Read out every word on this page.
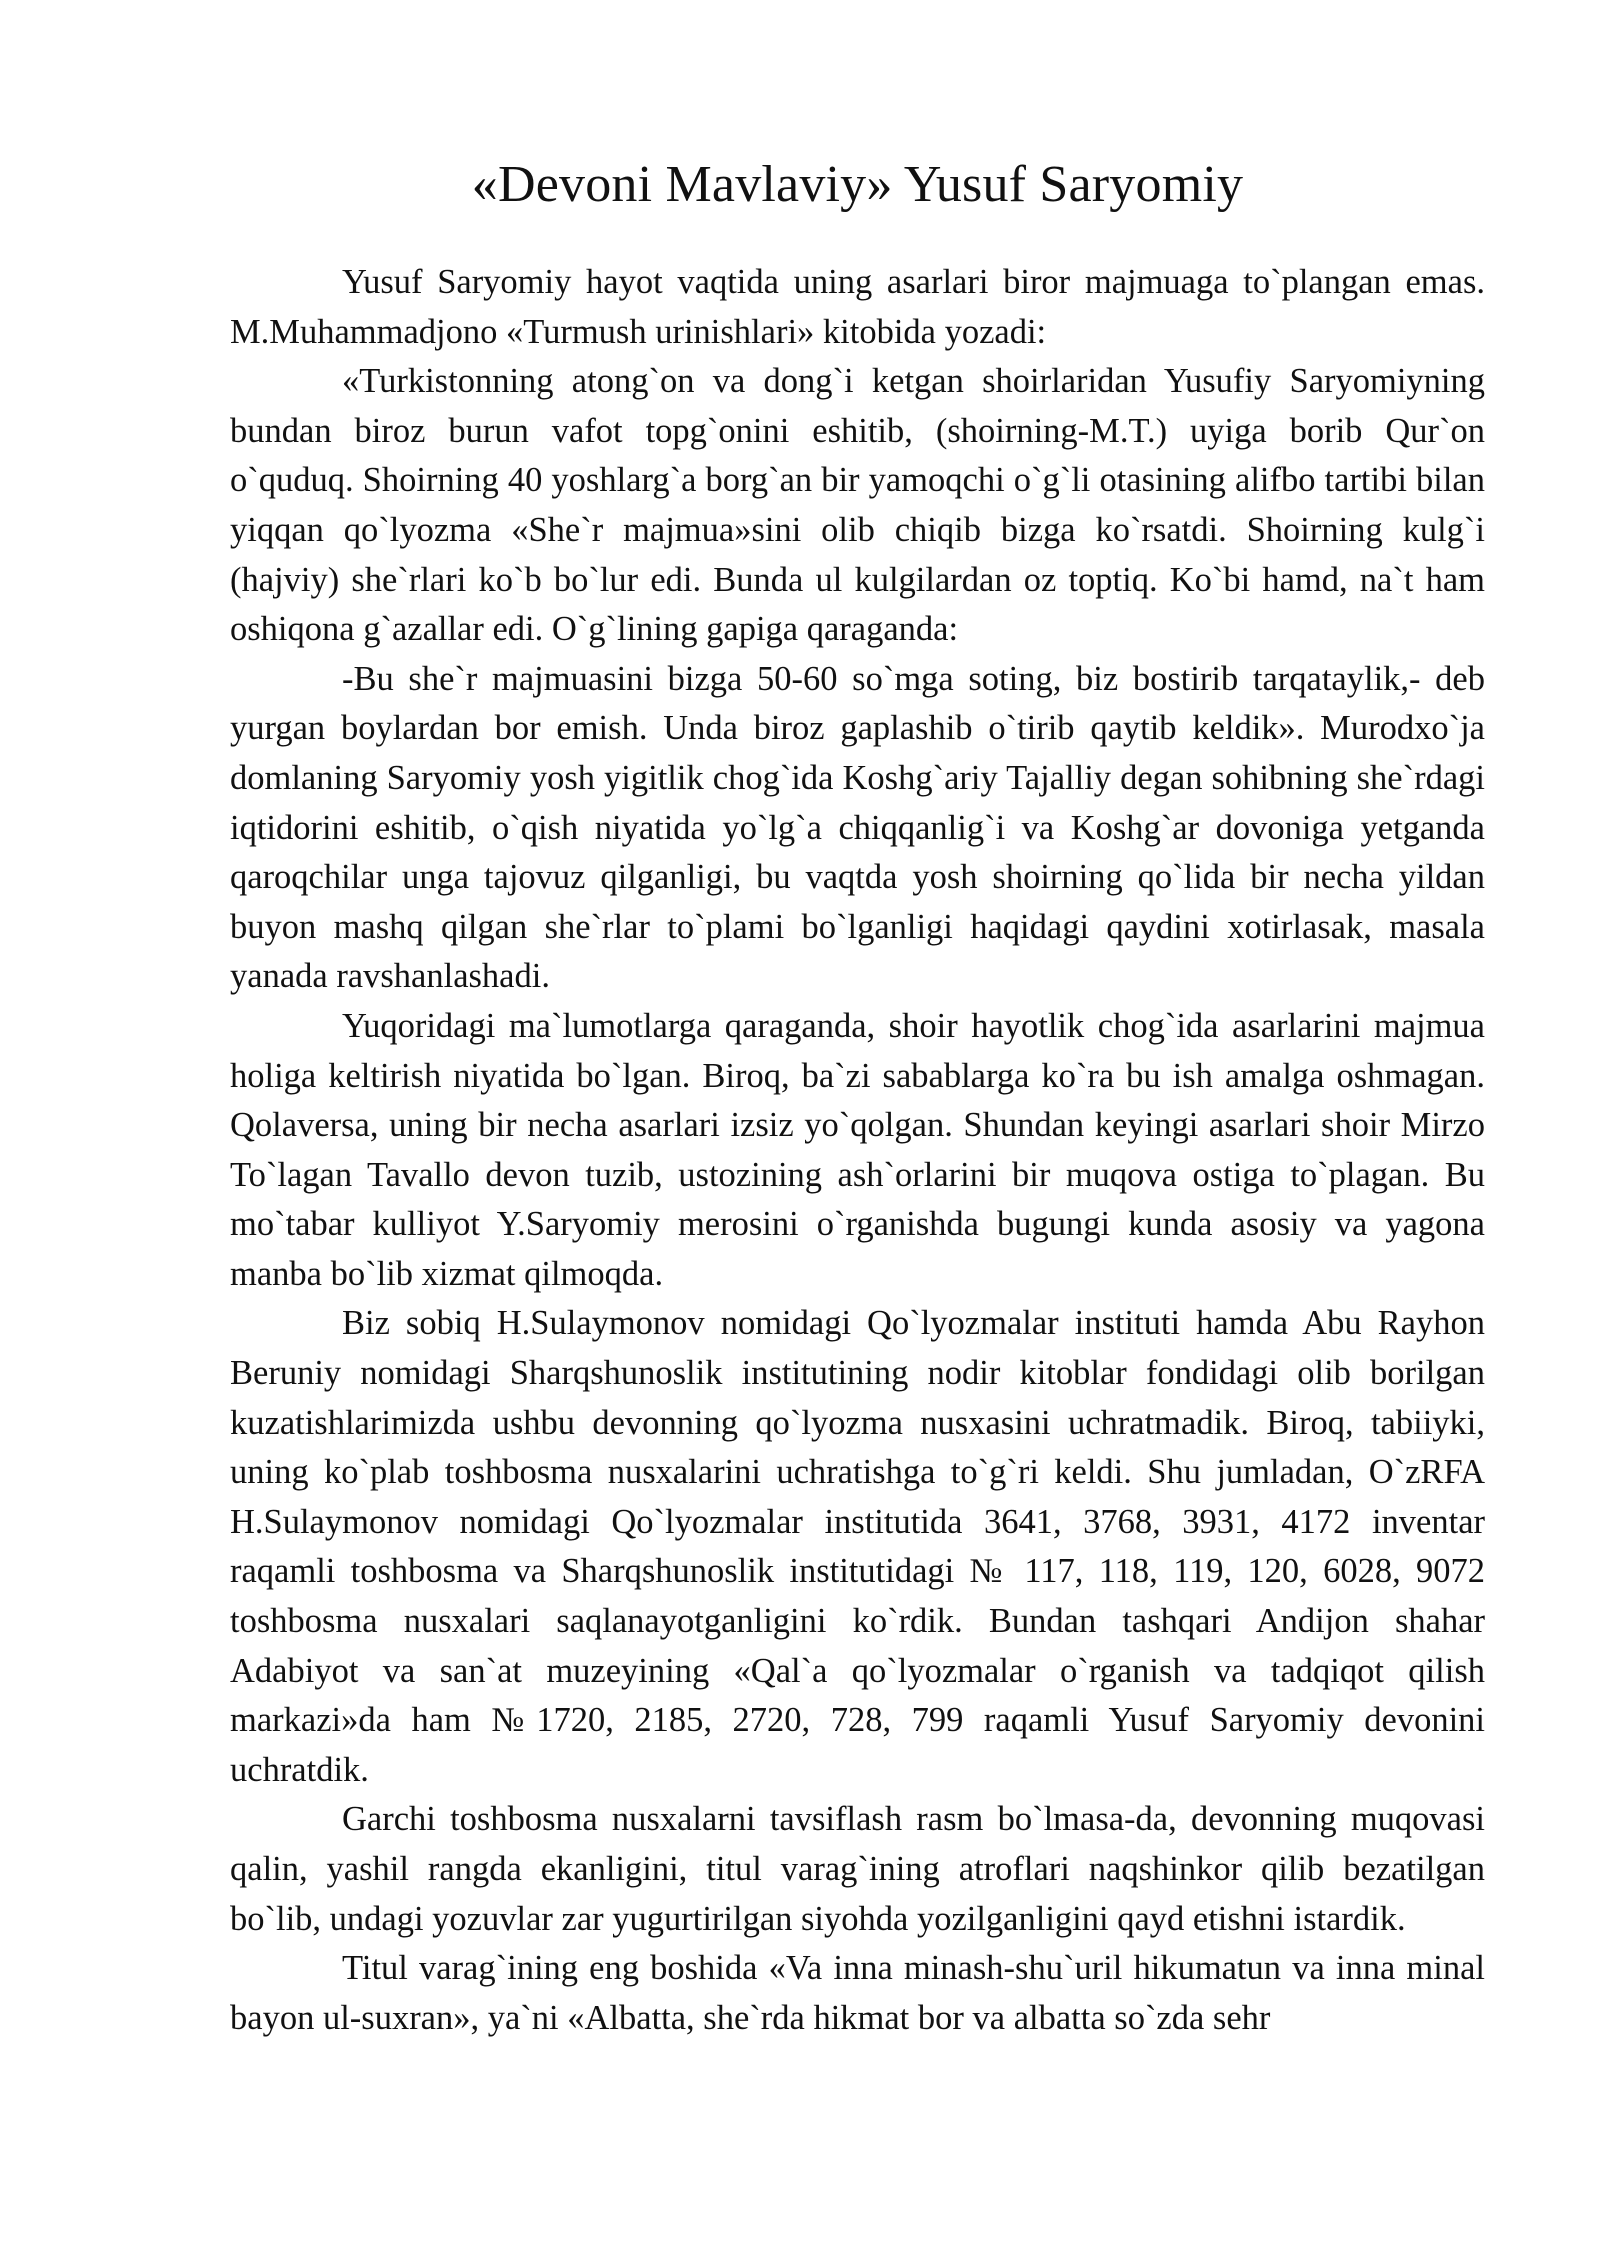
«Devoni Mavlaviy» Yusuf Saryomiy

Yusuf Saryomiy hayot vaqtida uning asarlari biror majmuaga to`plangan emas. M.Muhammadjono «Turmush urinishlari» kitobida yozadi:

«Turkistonning atong`on va dong`i ketgan shoirlaridan Yusufiy Saryomiyning bundan biroz burun vafot topg`onini eshitib, (shoirning-M.T.) uyiga borib Qur`on o`quduq. Shoirning 40 yoshlarg`a borg`an bir yamoqchi o`g`li otasining alifbo tartibi bilan yiqqan qo`lyozma «She`r majmua»sini olib chiqib bizga ko`rsatdi. Shoirning kulg`i (hajviy) she`rlari ko`b bo`lur edi. Bunda ul kulgilardan oz toptiq. Ko`bi hamd, na`t ham oshiqona g`azallar edi. O`g`lining gapiga qaraganda:

-Bu she`r majmuasini bizga 50-60 so`mga soting, biz bostirib tarqataylik,- deb yurgan boylardan bor emish. Unda biroz gaplashib o`tirib qaytib keldik». Murodxo`ja domlaning Saryomiy yosh yigitlik chog`ida Koshg`ariy Tajalliy degan sohibning she`rdagi iqtidorini eshitib, o`qish niyatida yo`lg`a chiqqanlig`i va Koshg`ar dovoniga yetganda qaroqchilar unga tajovuz qilganligi, bu vaqtda yosh shoirning qo`lida bir necha yildan buyon mashq qilgan she`rlar to`plami bo`lganligi haqidagi qaydini xotirlasak, masala yanada ravshanlashadi.

Yuqoridagi ma`lumotlarga qaraganda, shoir hayotlik chog`ida asarlarini majmua holiga keltirish niyatida bo`lgan. Biroq, ba`zi sabablarga ko`ra bu ish amalga oshmagan. Qolaversa, uning bir necha asarlari izsiz yo`qolgan. Shundan keyingi asarlari shoir Mirzo To`lagan Tavallo devon tuzib, ustozining ash`orlarini bir muqova ostiga to`plagan. Bu mo`tabar kulliyot Y.Saryomiy merosini o`rganishda bugungi kunda asosiy va yagona manba bo`lib xizmat qilmoqda.

Biz sobiq H.Sulaymonov nomidagi Qo`lyozmalar instituti hamda Abu Rayhon Beruniy nomidagi Sharqshunoslik institutining nodir kitoblar fondidagi olib borilgan kuzatishlarimizda ushbu devonning qo`lyozma nusxasini uchratmadik. Biroq, tabiiyki, uning ko`plab toshbosma nusxalarini uchratishga to`g`ri keldi. Shu jumladan, O`zRFA H.Sulaymonov nomidagi Qo`lyozmalar institutida 3641, 3768, 3931, 4172 inventar raqamli toshbosma va Sharqshunoslik institutidagi № 117, 118, 119, 120, 6028, 9072 toshbosma nusxalari saqlanayotganligini ko`rdik. Bundan tashqari Andijon shahar Adabiyot va san`at muzeyining «Qal`a qo`lyozmalar o`rganish va tadqiqot qilish markazi»da ham №1720, 2185, 2720, 728, 799 raqamli Yusuf Saryomiy devonini uchratdik.

Garchi toshbosma nusxalarni tavsiflash rasm bo`lmasa-da, devonning muqovasi qalin, yashil rangda ekanligini, titul varag`ining atroflari naqshinkor qilib bezatilgan bo`lib, undagi yozuvlar zar yugurtirilgan siyohda yozilganligini qayd etishni istardik.

Titul varag`ining eng boshida «Va inna minash-shu`uril hikumatun va inna minal bayon ul-suxran», ya`ni «Albatta, she`rda hikmat bor va albatta so`zda sehr
